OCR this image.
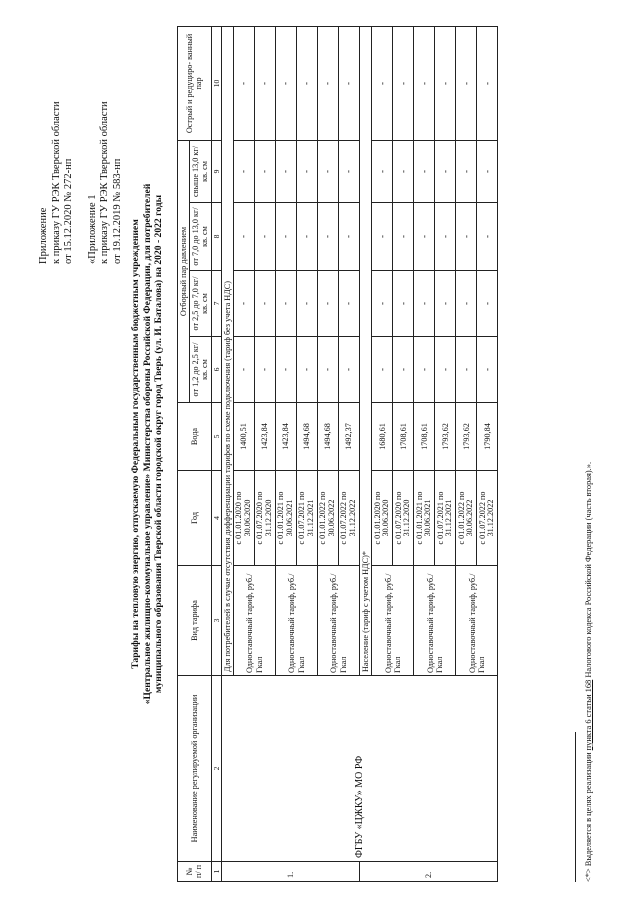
Приложение к приказу ГУ РЭК Тверской области от 15.12.2020 № 272-нп «Приложение 1 к приказу ГУ РЭК Тверской области от 19.12.2019 № 583-нп

Тарифы на тепловую энергию, отпускаемую Федеральным государственным бюджетным учреждением «Центральное жилищно-коммунальное управление» Министерства обороны Российской Федерации, для потребителей муниципального образования Тверской области городской округ город Тверь (ул. И. Баталова) на 2020 - 2022 годы

№ п/ п	Наименование регулируемой организации	Вид тарифа	Год	Вода	Отборный пар давлением				Острый и редуциро- ванный пар
					от 1,2 до 2,5 кг/кв. см	от 2,5 до 7,0 кг/кв. см	от 7,0 до 13,0 кг/кв. см	свыше 13,0 кг/кв. см	
1	2	3	4	5	6	7	8	9	10
1.	ФГБУ «ЦЖКУ» МО РФ	Для потребителей в случае отсутствия дифференциации тарифов по схеме подключения (тариф без учета НДС)							
		Одноставочный тариф, руб./Гкал	с 01.01.2020 по 30.06.2020	1400,51	-	-	-	-	-
			с 01.07.2020 по 31.12.2020	1423,84	-	-	-	-	-
		Одноставочный тариф, руб./Гкал	с 01.01.2021 по 30.06.2021	1423,84	-	-	-	-	-
			с 01.07.2021 по 31.12.2021	1494,68	-	-	-	-	-
		Одноставочный тариф, руб./Гкал	с 01.01.2022 по 30.06.2022	1494,68	-	-	-	-	-
			с 01.07.2022 по 31.12.2022	1492,37	-	-	-	-	-
2.		Население (тариф с учетом НДС)*							
		Одноставочный тариф, руб./Гкал	с 01.01.2020 по 30.06.2020	1680,61	-	-	-	-	-
			с 01.07.2020 по 31.12.2020	1708,61	-	-	-	-	-
		Одноставочный тариф, руб./Гкал	с 01.01.2021 по 30.06.2021	1708,61	-	-	-	-	-
			с 01.07.2021 по 31.12.2021	1793,62	-	-	-	-	-
		Одноставочный тариф, руб./Гкал	с 01.01.2022 по 30.06.2022	1793,62	-	-	-	-	-
			с 01.07.2022 по 31.12.2022	1790,84	-	-	-	-	-
<*> Выделяется в целях реализации пункта 6 статьи 168 Налогового кодекса Российской Федерации (часть вторая).».
